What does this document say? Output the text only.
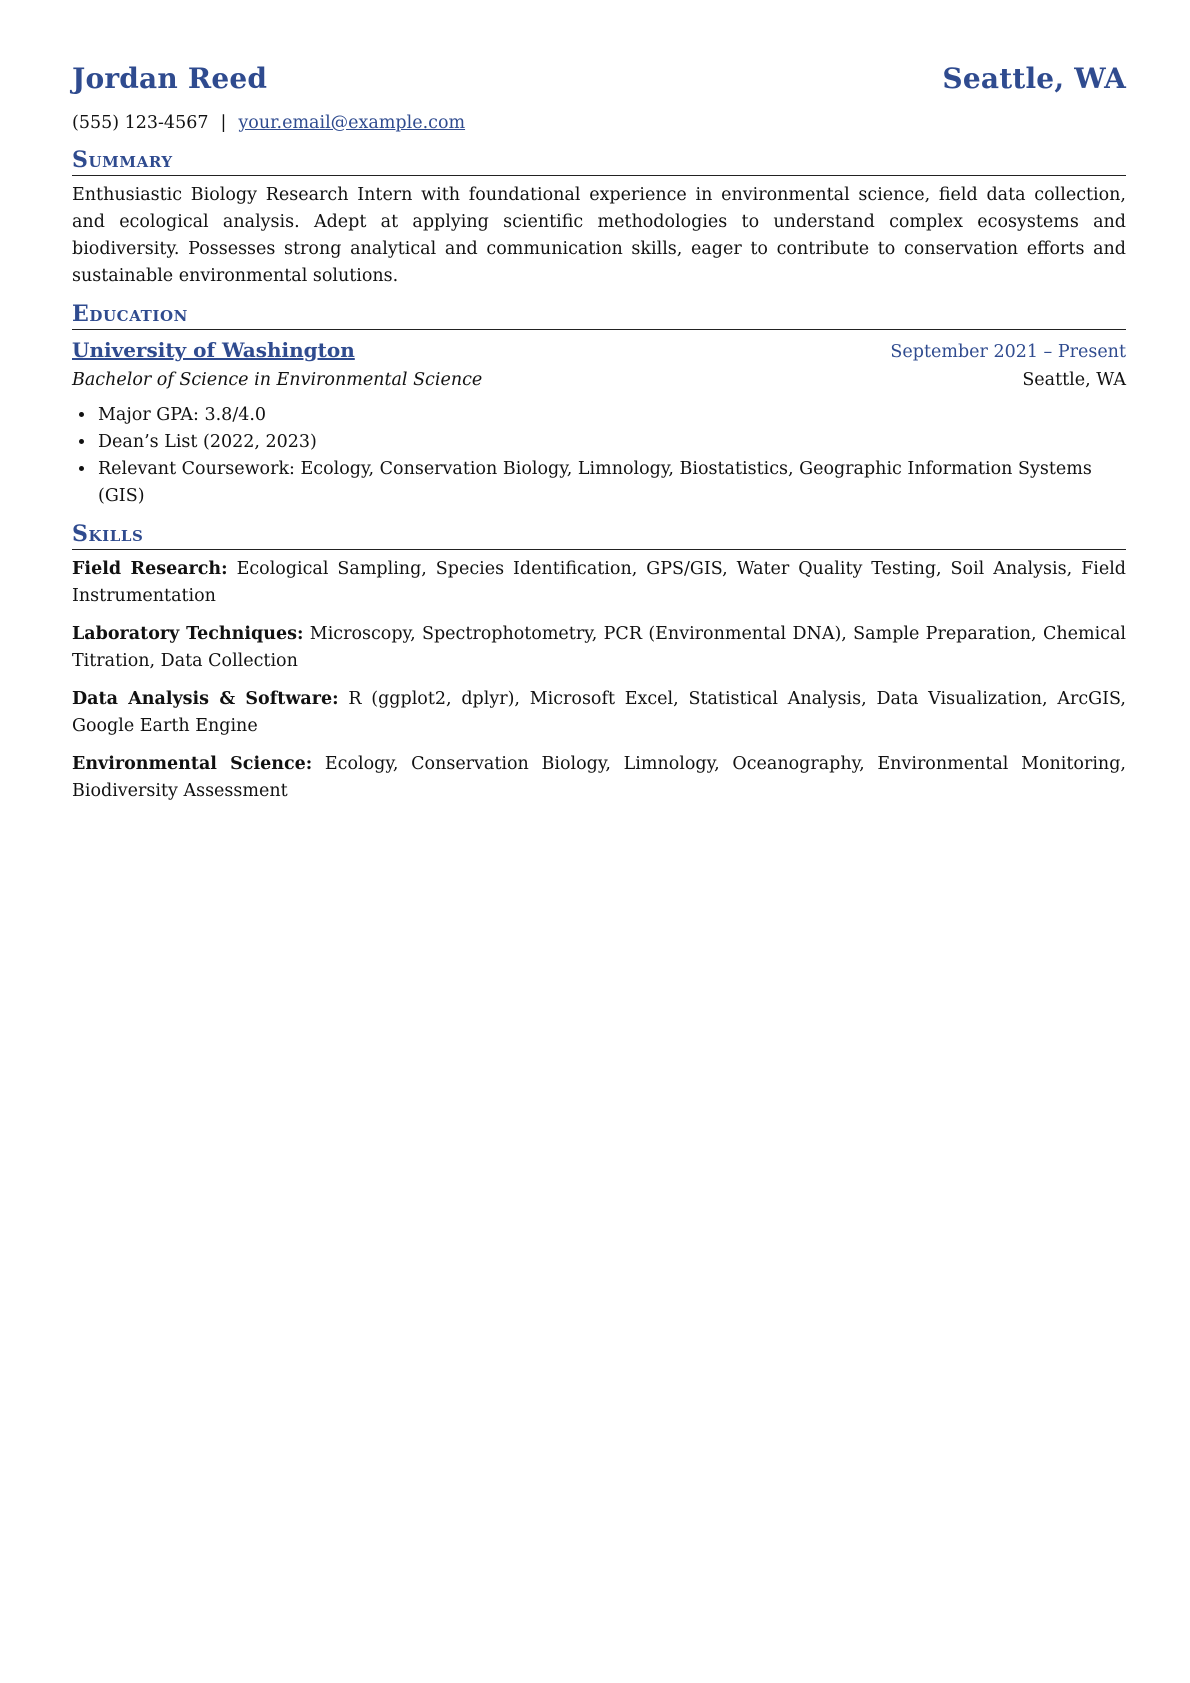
Jordan Reed	Seattle, WA
(555) 123-4567 | your.email@example.com
Summary
Enthusiastic Biology Research Intern with foundational experience in environmental science, field data collection, and ecological analysis. Adept at applying scientific methodologies to understand complex ecosystems and biodiversity. Possesses strong analytical and communication skills, eager to contribute to conservation efforts and sustainable environmental solutions.
Education
University of Washington	September 2021 – Present
Bachelor of Science in Environmental Science	Seattle, WA
• Major GPA: 3.8/4.0
• Dean’s List (2022, 2023)
• Relevant Coursework: Ecology, Conservation Biology, Limnology, Biostatistics, Geographic Information Systems (GIS)
Skills
Field Research: Ecological Sampling, Species Identification, GPS/GIS, Water Quality Testing, Soil Analysis, Field Instrumentation
Laboratory Techniques: Microscopy, Spectrophotometry, PCR (Environmental DNA), Sample Preparation, Chemical Titration, Data Collection
Data Analysis & Software: R (ggplot2, dplyr), Microsoft Excel, Statistical Analysis, Data Visualization, ArcGIS, Google Earth Engine
Environmental Science: Ecology, Conservation Biology, Limnology, Oceanography, Environmental Monitoring, Biodiversity Assessment
